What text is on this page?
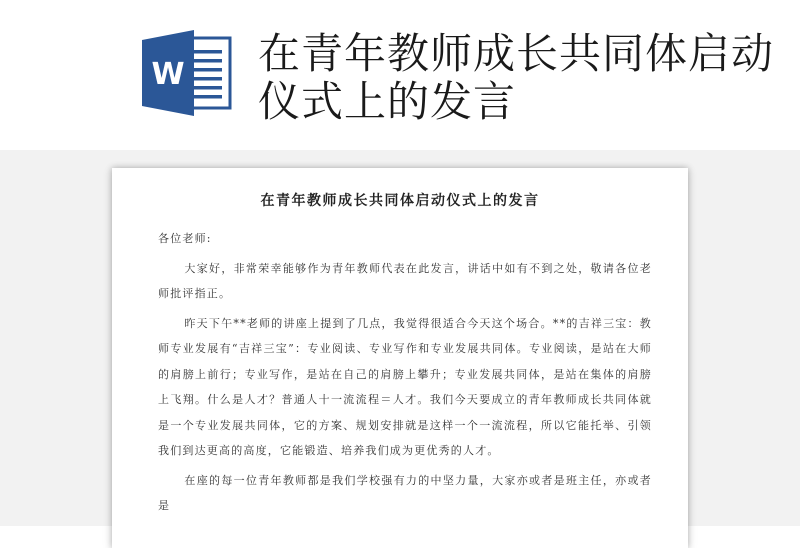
W 在青年教师成长共同体启动仪式上的发言
在青年教师成长共同体启动仪式上的发言

各位老师:

大家好，非常荣幸能够作为青年教师代表在此发言，讲话中如有不到之处，敬请各位老师批评指正。

昨天下午**老师的讲座上提到了几点，我觉得很适合今天这个场合。**的吉祥三宝：教师专业发展有“吉祥三宝”：专业阅读、专业写作和专业发展共同体。专业阅读，是站在大师的肩膀上前行；专业写作，是站在自己的肩膀上攀升；专业发展共同体，是站在集体的肩膀上飞翔。什么是人才？普通人十一流流程＝人才。我们今天要成立的青年教师成长共同体就是一个专业发展共同体，它的方案、规划安排就是这样一个一流流程，所以它能托举、引领我们到达更高的高度，它能锻造、培养我们成为更优秀的人才。

在座的每一位青年教师都是我们学校强有力的中坚力量，大家亦或者是班主任，亦或者是
